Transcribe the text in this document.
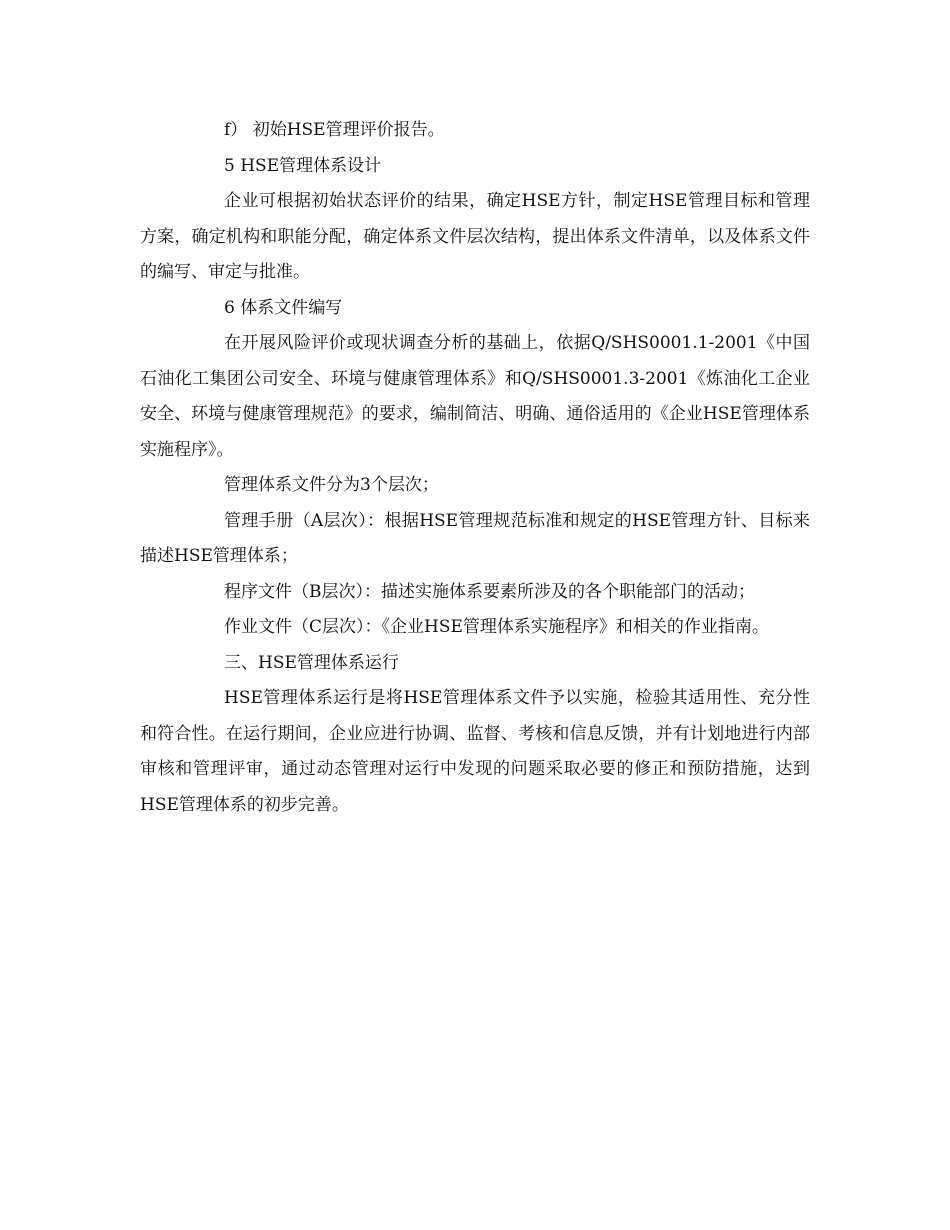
f） 初始HSE管理评价报告。

5 HSE管理体系设计

企业可根据初始状态评价的结果，确定HSE方针，制定HSE管理目标和管理方案，确定机构和职能分配，确定体系文件层次结构，提出体系文件清单，以及体系文件的编写、审定与批准。

6 体系文件编写

在开展风险评价或现状调查分析的基础上，依据Q/SHS0001.1-2001《中国石油化工集团公司安全、环境与健康管理体系》和Q/SHS0001.3-2001《炼油化工企业安全、环境与健康管理规范》的要求，编制简洁、明确、通俗适用的《企业HSE管理体系实施程序》。

管理体系文件分为3个层次；

管理手册（A层次）：根据HSE管理规范标准和规定的HSE管理方针、目标来描述HSE管理体系；

程序文件（B层次）：描述实施体系要素所涉及的各个职能部门的活动；

作业文件（C层次）：《企业HSE管理体系实施程序》和相关的作业指南。

三、HSE管理体系运行

HSE管理体系运行是将HSE管理体系文件予以实施，检验其适用性、充分性和符合性。在运行期间，企业应进行协调、监督、考核和信息反馈，并有计划地进行内部审核和管理评审，通过动态管理对运行中发现的问题采取必要的修正和预防措施，达到HSE管理体系的初步完善。
